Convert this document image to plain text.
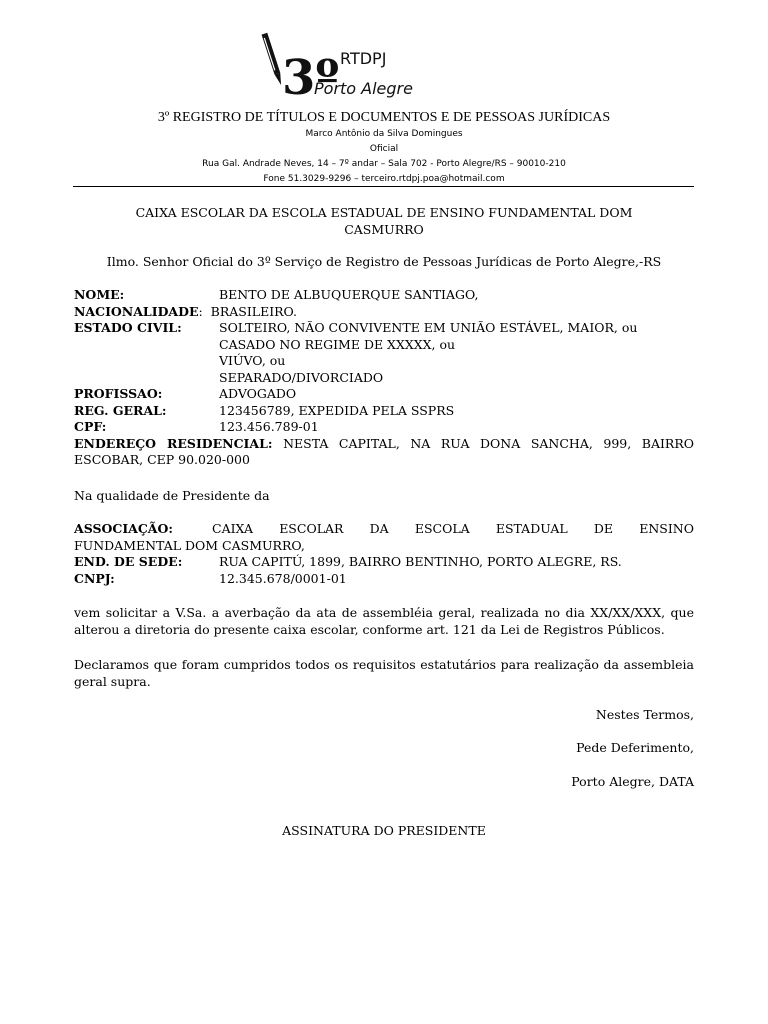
3º RTDPJ
Porto Alegre
3º REGISTRO DE TÍTULOS E DOCUMENTOS E DE PESSOAS JURÍDICAS
Marco Antônio da Silva Domingues
Oficial
Rua Gal. Andrade Neves, 14 – 7º andar – Sala 702 - Porto Alegre/RS – 90010-210
Fone 51.3029-9296 – terceiro.rtdpj.poa@hotmail.com
CAIXA ESCOLAR DA ESCOLA ESTADUAL DE ENSINO FUNDAMENTAL DOM CASMURRO
Ilmo. Senhor Oficial do 3º Serviço de Registro de Pessoas Jurídicas de Porto Alegre,-RS
NOME:	BENTO DE ALBUQUERQUE SANTIAGO,
NACIONALIDADE :  BRASILEIRO.
ESTADO CIVIL:	SOLTEIRO, NÃO CONVIVENTE EM UNIÃO ESTÁVEL, MAIOR, ou
CASADO NO REGIME DE XXXXX, ou
VIÚVO, ou
SEPARADO/DIVORCIADO
PROFISSAO:	ADVOGADO
REG. GERAL:	123456789, EXPEDIDA PELA SSPRS
CPF:	123.456.789-01
ENDEREÇO RESIDENCIAL: NESTA CAPITAL, NA RUA DONA SANCHA, 999, BAIRRO ESCOBAR, CEP 90.020-000
Na qualidade de Presidente da
ASSOCIAÇÃO:	CAIXA ESCOLAR DA ESCOLA ESTADUAL DE ENSINO
FUNDAMENTAL DOM CASMURRO,
END. DE SEDE:	RUA CAPITÚ, 1899, BAIRRO BENTINHO, PORTO ALEGRE, RS.
CNPJ:	12.345.678/0001-01
vem solicitar a V.Sa. a averbação da ata de assembléia geral, realizada no dia XX/XX/XXX, que alterou a diretoria do presente caixa escolar, conforme art. 121 da Lei de Registros Públicos.
Declaramos que foram cumpridos todos os requisitos estatutários para realização da assembleia geral supra.
Nestes Termos,
Pede Deferimento,
Porto Alegre, DATA
ASSINATURA DO PRESIDENTE
